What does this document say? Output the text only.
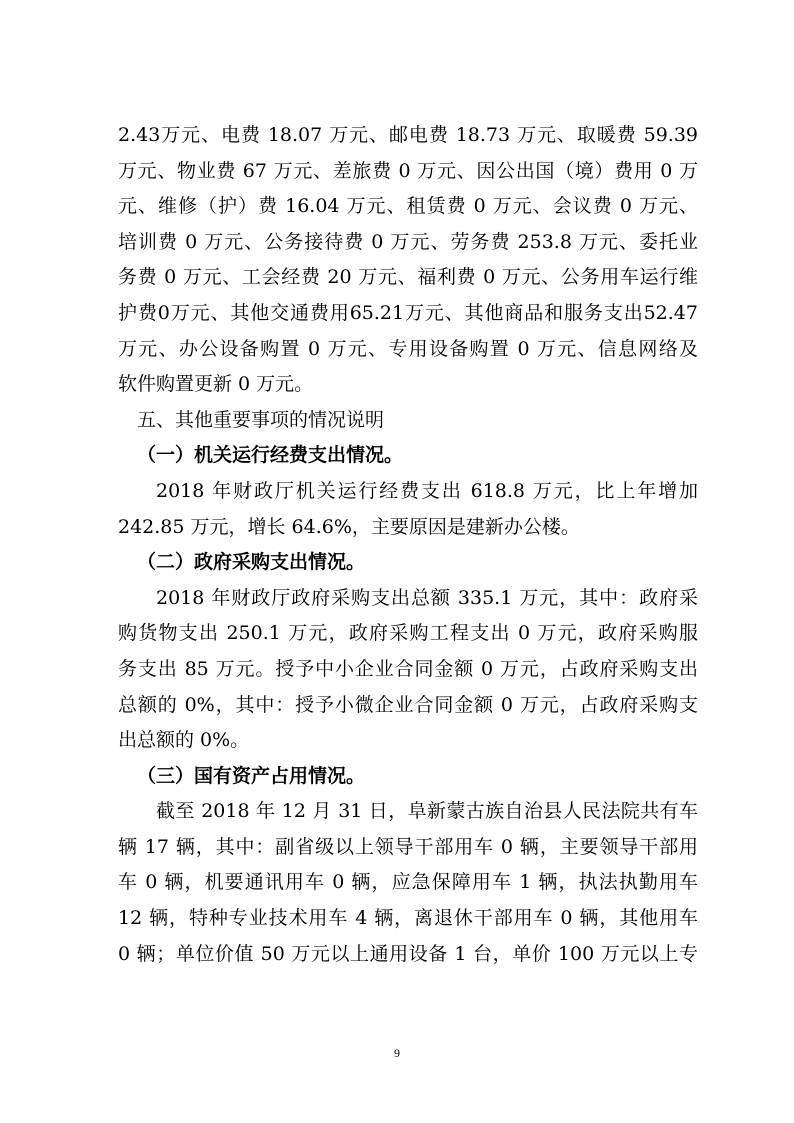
2.43万元、电费 18.07 万元、邮电费 18.73 万元、取暖费 59.39
万元、物业费 67 万元、差旅费 0 万元、因公出国（境）费用 0 万
元、维修（护）费 16.04 万元、租赁费 0 万元、会议费 0 万元、
培训费 0 万元、公务接待费 0 万元、劳务费 253.8 万元、委托业
务费 0 万元、工会经费 20 万元、福利费 0 万元、公务用车运行维
护费0万元、其他交通费用65.21万元、其他商品和服务支出52.47
万元、办公设备购置 0 万元、专用设备购置 0 万元、信息网络及
软件购置更新 0 万元。

五、其他重要事项的情况说明

（一）机关运行经费支出情况。

2018 年财政厅机关运行经费支出 618.8 万元，比上年增加
242.85 万元，增长 64.6%，主要原因是建新办公楼。

（二）政府采购支出情况。

2018 年财政厅政府采购支出总额 335.1 万元，其中：政府采
购货物支出 250.1 万元，政府采购工程支出 0 万元，政府采购服
务支出 85 万元。授予中小企业合同金额 0 万元，占政府采购支出
总额的 0%，其中：授予小微企业合同金额 0 万元，占政府采购支
出总额的 0%。

（三）国有资产占用情况。

截至 2018 年 12 月 31 日，阜新蒙古族自治县人民法院共有车
辆 17 辆，其中：副省级以上领导干部用车 0 辆，主要领导干部用
车 0 辆，机要通讯用车 0 辆，应急保障用车 1 辆，执法执勤用车
12 辆，特种专业技术用车 4 辆，离退休干部用车 0 辆，其他用车
0 辆；单位价值 50 万元以上通用设备 1 台，单价 100 万元以上专

9
